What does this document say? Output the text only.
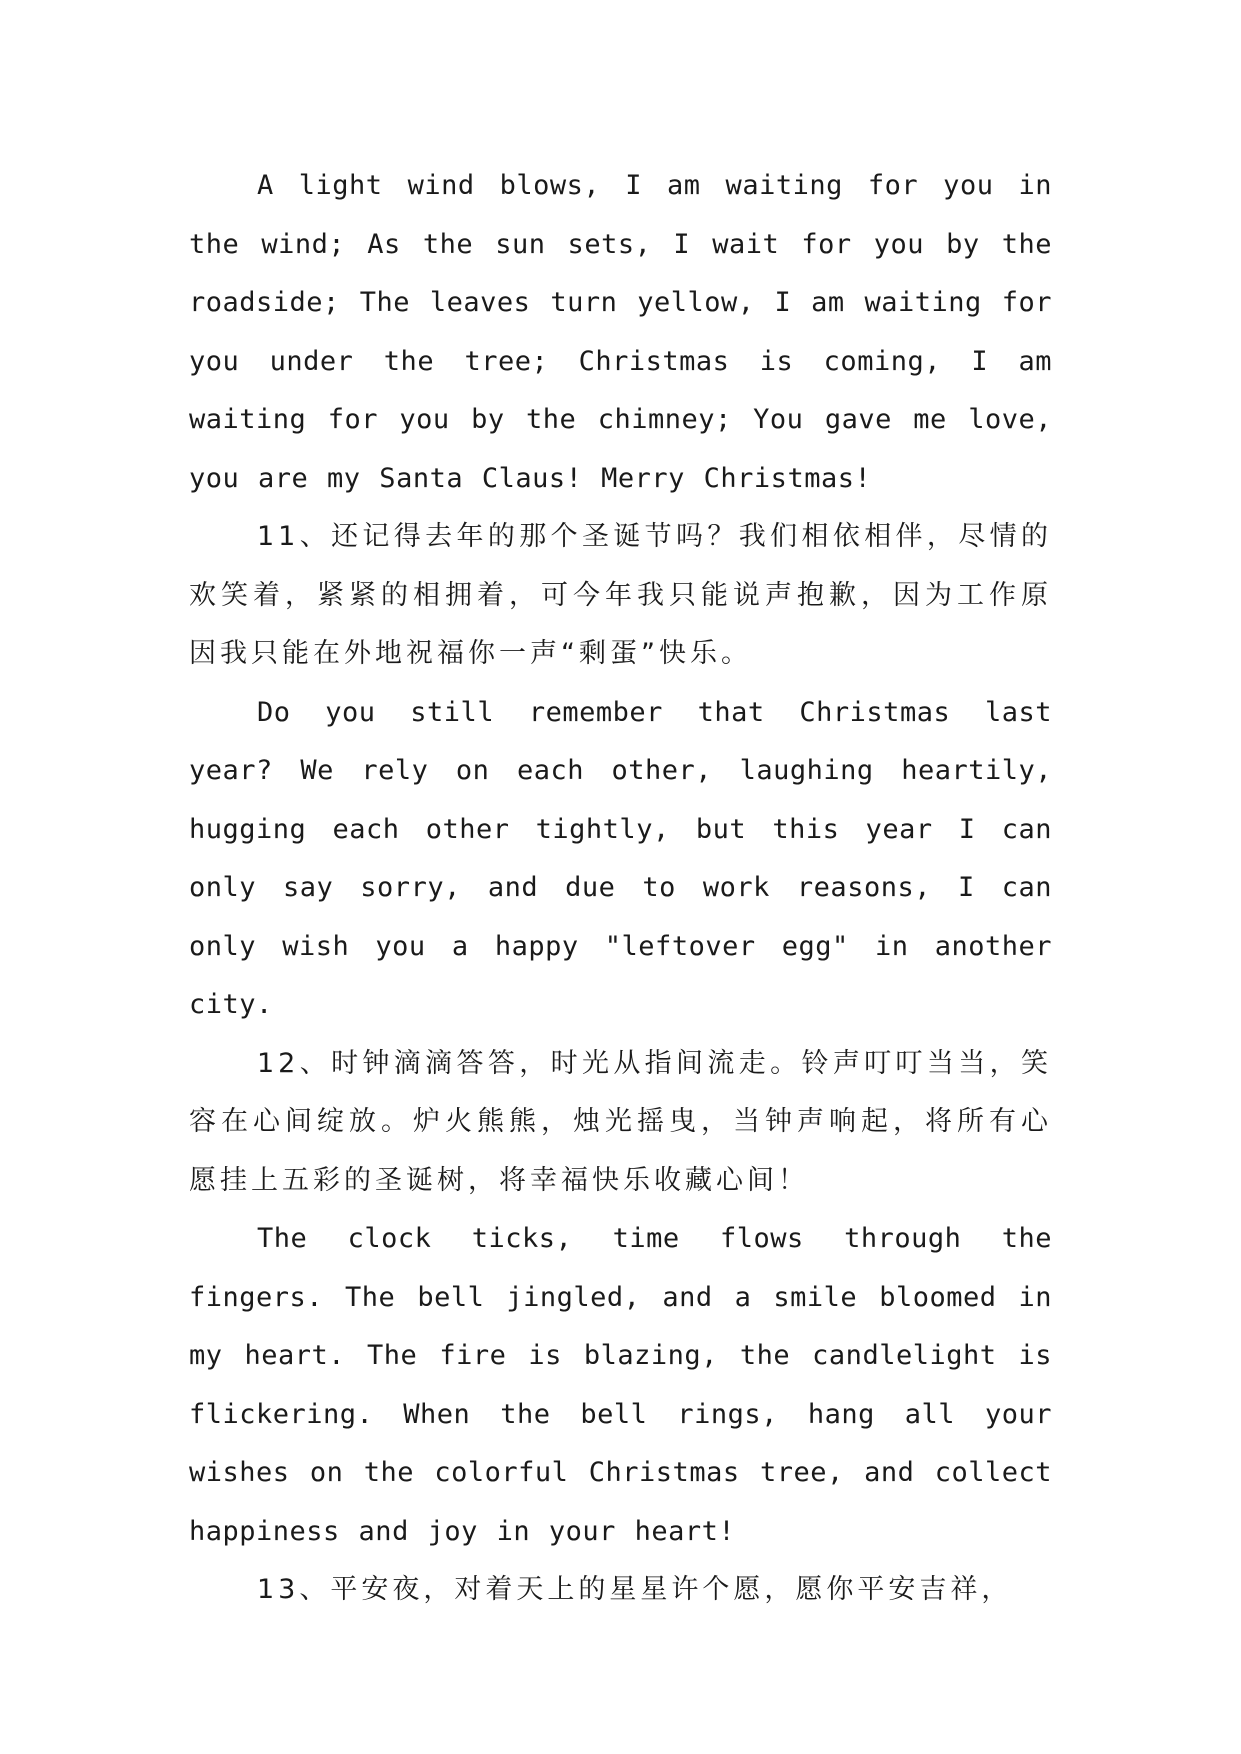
A light wind blows, I am waiting for you in the wind; As the sun sets, I wait for you by the roadside; The leaves turn yellow, I am waiting for you under the tree; Christmas is coming, I am waiting for you by the chimney; You gave me love, you are my Santa Claus! Merry Christmas!

11、还记得去年的那个圣诞节吗？我们相依相伴，尽情的欢笑着，紧紧的相拥着，可今年我只能说声抱歉，因为工作原因我只能在外地祝福你一声“剩蛋”快乐。

Do you still remember that Christmas last year? We rely on each other, laughing heartily, hugging each other tightly, but this year I can only say sorry, and due to work reasons, I can only wish you a happy "leftover egg" in another city.

12、时钟滴滴答答，时光从指间流走。铃声叮叮当当，笑容在心间绽放。炉火熊熊，烛光摇曳，当钟声响起，将所有心愿挂上五彩的圣诞树，将幸福快乐收藏心间！

The clock ticks, time flows through the fingers. The bell jingled, and a smile bloomed in my heart. The fire is blazing, the candlelight is flickering. When the bell rings, hang all your wishes on the colorful Christmas tree, and collect happiness and joy in your heart!

13、平安夜，对着天上的星星许个愿，愿你平安吉祥，
